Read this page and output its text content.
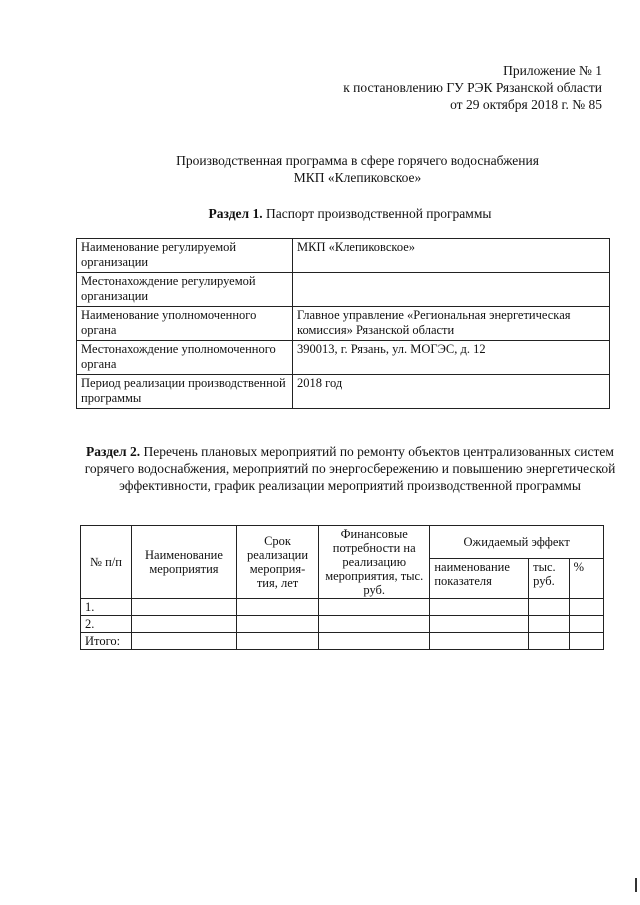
Приложение № 1
к постановлению ГУ РЭК Рязанской области
от 29 октября 2018 г. № 85
Производственная программа в сфере горячего водоснабжения
МКП «Клепиковское»
Раздел 1. Паспорт производственной программы
Наименование регулируемой организации	МКП «Клепиковское»
Местонахождение регулируемой организации	
Наименование уполномоченного органа	Главное управление «Региональная энергетическая комиссия» Рязанской области
Местонахождение уполномоченного органа	390013, г. Рязань, ул. МОГЭС, д. 12
Период реализации производственной программы	2018 год
Раздел 2. Перечень плановых мероприятий по ремонту объектов централизованных систем горячего водоснабжения, мероприятий по энергосбережению и повышению энергетической эффективности, график реализации мероприятий производственной программы
№ п/п	Наименование мероприятия	Срок реализации мероприя-тия, лет	Финансовые потребности на реализацию мероприятия, тыс. руб.	Ожидаемый эффект		
				наименование показателя	тыс. руб.	%
1.						
2.						
Итого:						
